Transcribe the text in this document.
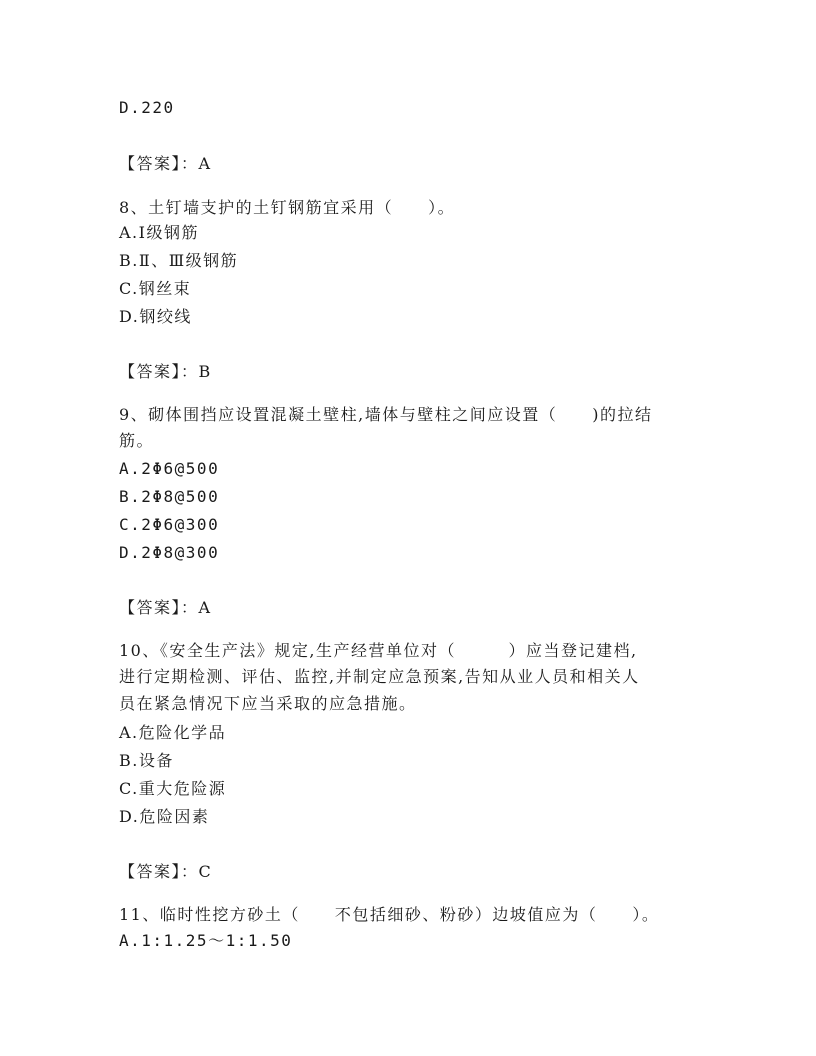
D.220
【答案】：A
8、土钉墙支护的土钉钢筋宜采用（　　）。
A.Ⅰ级钢筋
B.Ⅱ、Ⅲ级钢筋
C.钢丝束
D.钢绞线
【答案】：B
9、砌体围挡应设置混凝土壁柱,墙体与壁柱之间应设置（　　)的拉结
筋。
A.2Φ6@500
B.2Φ8@500
C.2Φ6@300
D.2Φ8@300
【答案】：A
10、《安全生产法》规定,生产经营单位对（　　　）应当登记建档,
进行定期检测、评估、监控,并制定应急预案,告知从业人员和相关人
员在紧急情况下应当采取的应急措施。
A.危险化学品
B.设备
C.重大危险源
D.危险因素
【答案】：C
11、临时性挖方砂土（　　不包括细砂、粉砂）边坡值应为（　　）。
A.1:1.25～1:1.50
